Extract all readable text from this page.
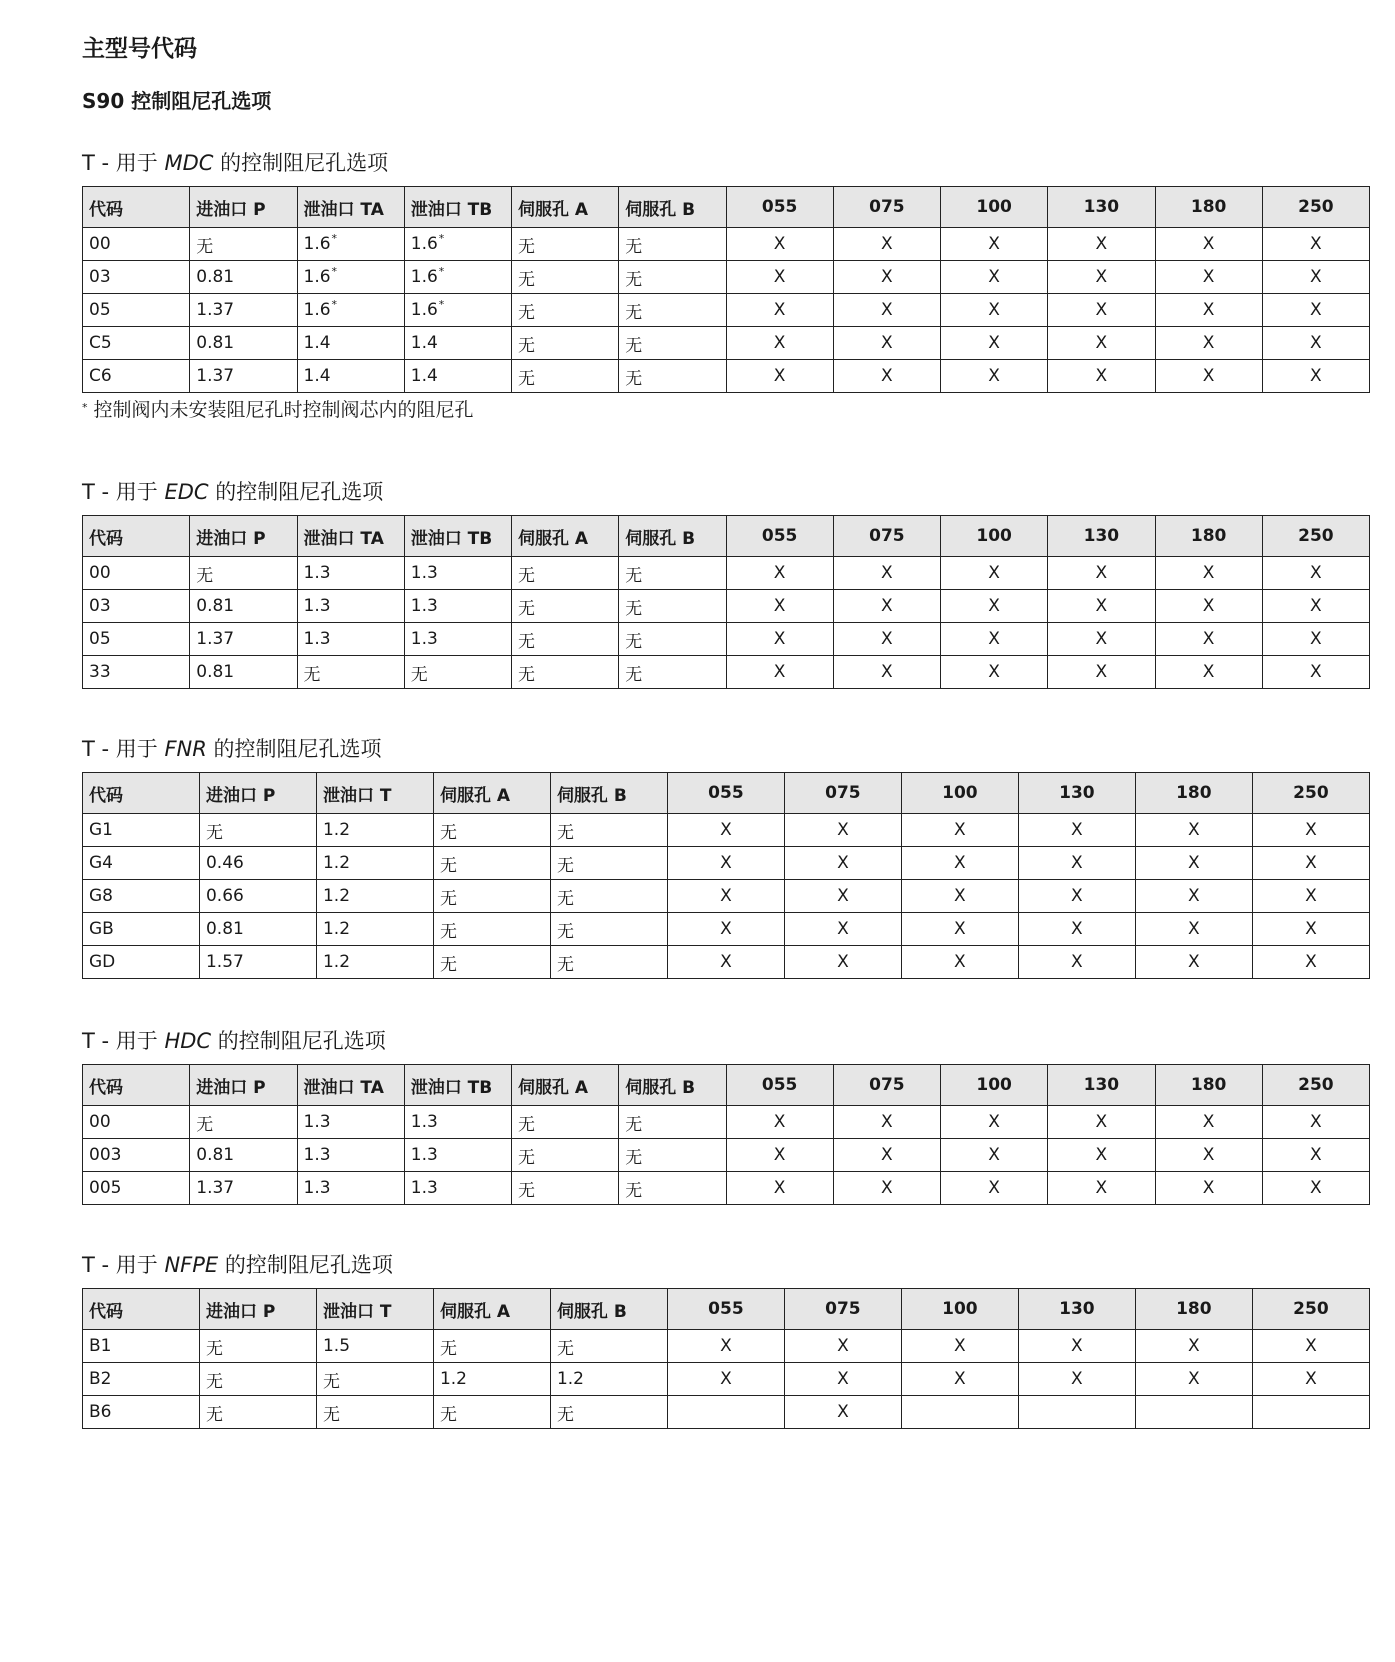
主型号代码
S90 控制阻尼孔选项
T - 用于 MDC 的控制阻尼孔选项
代码	进油口 P	泄油口 TA	泄油口 TB	伺服孔 A	伺服孔 B	055	075	100	130	180	250
00	无	1.6*	1.6*	无	无	X	X	X	X	X	X
03	0.81	1.6*	1.6*	无	无	X	X	X	X	X	X
05	1.37	1.6*	1.6*	无	无	X	X	X	X	X	X
C5	0.81	1.4	1.4	无	无	X	X	X	X	X	X
C6	1.37	1.4	1.4	无	无	X	X	X	X	X	X
* 控制阀内未安装阻尼孔时控制阀芯内的阻尼孔
T - 用于 EDC 的控制阻尼孔选项
代码	进油口 P	泄油口 TA	泄油口 TB	伺服孔 A	伺服孔 B	055	075	100	130	180	250
00	无	1.3	1.3	无	无	X	X	X	X	X	X
03	0.81	1.3	1.3	无	无	X	X	X	X	X	X
05	1.37	1.3	1.3	无	无	X	X	X	X	X	X
33	0.81	无	无	无	无	X	X	X	X	X	X
T - 用于 FNR 的控制阻尼孔选项
代码	进油口 P	泄油口 T	伺服孔 A	伺服孔 B	055	075	100	130	180	250
G1	无	1.2	无	无	X	X	X	X	X	X
G4	0.46	1.2	无	无	X	X	X	X	X	X
G8	0.66	1.2	无	无	X	X	X	X	X	X
GB	0.81	1.2	无	无	X	X	X	X	X	X
GD	1.57	1.2	无	无	X	X	X	X	X	X
T - 用于 HDC 的控制阻尼孔选项
代码	进油口 P	泄油口 TA	泄油口 TB	伺服孔 A	伺服孔 B	055	075	100	130	180	250
00	无	1.3	1.3	无	无	X	X	X	X	X	X
003	0.81	1.3	1.3	无	无	X	X	X	X	X	X
005	1.37	1.3	1.3	无	无	X	X	X	X	X	X
T - 用于 NFPE 的控制阻尼孔选项
代码	进油口 P	泄油口 T	伺服孔 A	伺服孔 B	055	075	100	130	180	250
B1	无	1.5	无	无	X	X	X	X	X	X
B2	无	无	1.2	1.2	X	X	X	X	X	X
B6	无	无	无	无		X				
